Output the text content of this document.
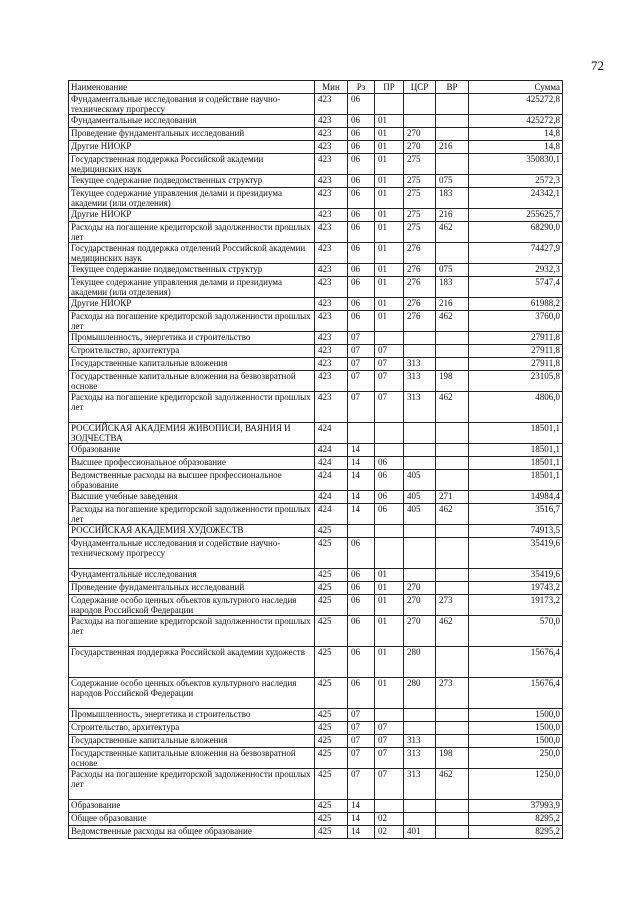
72
Наименование	Мин	Рз	ПР	ЦСР	ВР	Сумма
Фундаментальные исследования и содействие научно-техническому прогрессу	423	06				425272,8
Фундаментальные исследования	423	06	01			425272,8
Проведение фундаментальных исследований	423	06	01	270		14,8
Другие НИОКР	423	06	01	270	216	14,8
Государственная поддержка Российской академии медицинских наук	423	06	01	275		350830,1
Текущее содержание подведомственных структур	423	06	01	275	075	2572,3
Текущее содержание управления делами и президиума академии (или отделения)	423	06	01	275	183	24342,1
Другие НИОКР	423	06	01	275	216	255625,7
Расходы на погашение кредиторской задолженности прошлых лет	423	06	01	275	462	68290,0
Государственная поддержка отделений Российской академии медицинских наук	423	06	01	276		74427,9
Текущее содержание подведомственных структур	423	06	01	276	075	2932,3
Текущее содержание управления делами и президиума академии (или отделения)	423	06	01	276	183	5747,4
Другие НИОКР	423	06	01	276	216	61988,2
Расходы на погашение кредиторской задолженности прошлых лет	423	06	01	276	462	3760,0
Промышленность, энергетика и строительство	423	07				27911,8
Строительство, архитектура	423	07	07			27911,8
Государственные капитальные вложения	423	07	07	313		27911,8
Государственные капитальные вложения на безвозвратной основе	423	07	07	313	198	23105,8
Расходы на погашение кредиторской задолженности прошлых лет	423	07	07	313	462	4806,0
РОССИЙСКАЯ АКАДЕМИЯ ЖИВОПИСИ, ВАЯНИЯ И ЗОДЧЕСТВА	424					18501,1
Образование	424	14				18501,1
Высшее профессиональное образование	424	14	06			18501,1
Ведомственные расходы на высшее профессиональное образование	424	14	06	405		18501,1
Высшие учебные заведения	424	14	06	405	271	14984,4
Расходы на погашение кредиторской задолженности прошлых лет	424	14	06	405	462	3516,7
РОССИЙСКАЯ АКАДЕМИЯ ХУДОЖЕСТВ	425					74913,5
Фундаментальные исследования и содействие научно-техническому прогрессу	425	06				35419,6
Фундаментальные исследования	425	06	01			35419,6
Проведение фундаментальных исследований	425	06	01	270		19743,2
Содержание особо ценных объектов культурного наследия народов Российской Федерации	425	06	01	270	273	19173,2
Расходы на погашение кредиторской задолженности прошлых лет	425	06	01	270	462	570,0
Государственная поддержка Российской академии художеств	425	06	01	280		15676,4
Содержание особо ценных объектов культурного наследия народов Российской Федерации	425	06	01	280	273	15676,4
Промышленность, энергетика и строительство	425	07				1500,0
Строительство, архитектура	425	07	07			1500,0
Государственные капитальные вложения	425	07	07	313		1500,0
Государственные капитальные вложения на безвозвратной основе	425	07	07	313	198	250,0
Расходы на погашение кредиторской задолженности прошлых лет	425	07	07	313	462	1250,0
Образование	425	14				37993,9
Общее образование	425	14	02			8295,2
Ведомственные расходы на общее образование	425	14	02	401		8295,2
